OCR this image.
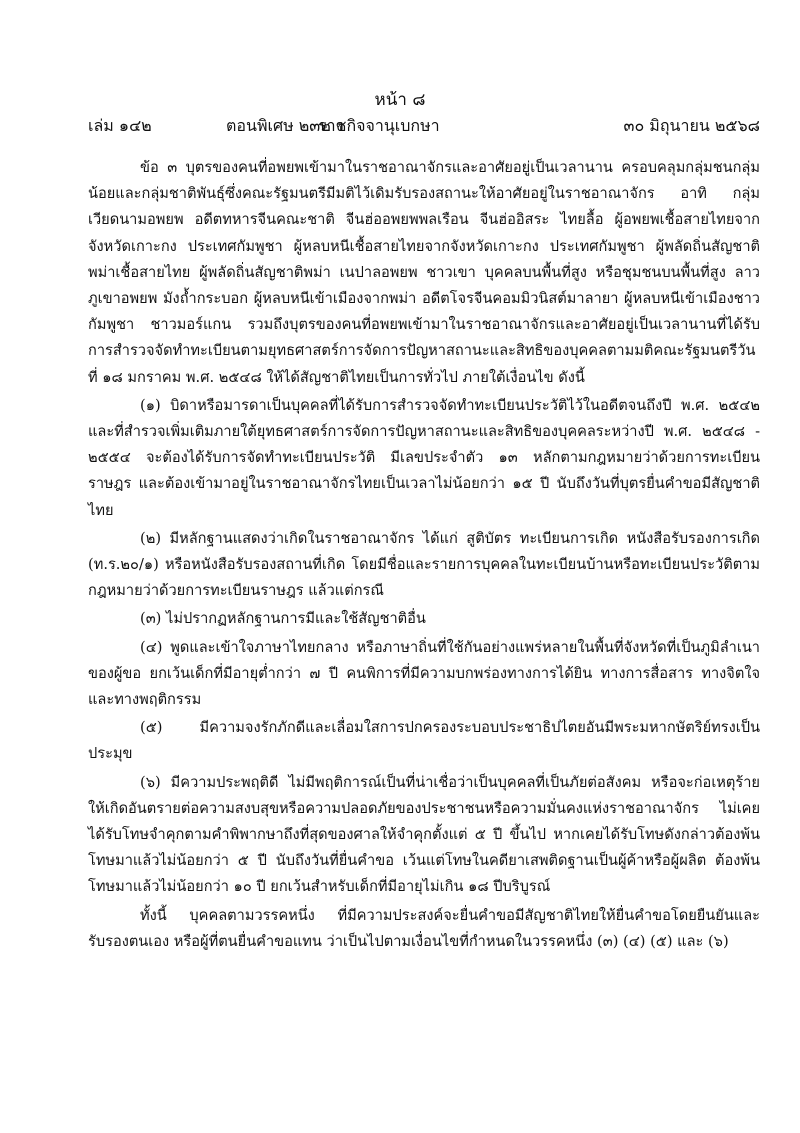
หน้า ๘
เล่ม ๑๔๒	ตอนพิเศษ ๒๓๒ ง
ราชกิจจานุเบกษา	๓๐ มิถุนายน ๒๕๖๘

ข้อ ๓ บุตรของคนที่อพยพเข้ามาในราชอาณาจักรและอาศัยอยู่เป็นเวลานาน ครอบคลุมกลุ่มชนกลุ่มน้อยและกลุ่มชาติพันธุ์ซึ่งคณะรัฐมนตรีมีมติไว้เดิมรับรองสถานะให้อาศัยอยู่ในราชอาณาจักร อาทิ กลุ่มเวียดนามอพยพ อดีตทหารจีนคณะชาติ จีนฮ่ออพยพพลเรือน จีนฮ่ออิสระ ไทยลื้อ ผู้อพยพเชื้อสายไทยจากจังหวัดเกาะกง ประเทศกัมพูชา ผู้หลบหนีเชื้อสายไทยจากจังหวัดเกาะกง ประเทศกัมพูชา ผู้พลัดถิ่นสัญชาติพม่าเชื้อสายไทย ผู้พลัดถิ่นสัญชาติพม่า เนปาลอพยพ ชาวเขา บุคคลบนพื้นที่สูง หรือชุมชนบนพื้นที่สูง ลาวภูเขาอพยพ มังถ้ำกระบอก ผู้หลบหนีเข้าเมืองจากพม่า อดีตโจรจีนคอมมิวนิสต์มาลายา ผู้หลบหนีเข้าเมืองชาวกัมพูชา ชาวมอร์แกน รวมถึงบุตรของคนที่อพยพเข้ามาในราชอาณาจักรและอาศัยอยู่เป็นเวลานานที่ได้รับการสำรวจจัดทำทะเบียนตามยุทธศาสตร์การจัดการปัญหาสถานะและสิทธิของบุคคลตามมติคณะรัฐมนตรีวันที่ ๑๘ มกราคม พ.ศ. ๒๕๔๘ ให้ได้สัญชาติไทยเป็นการทั่วไป ภายใต้เงื่อนไข ดังนี้

(๑) บิดาหรือมารดาเป็นบุคคลที่ได้รับการสำรวจจัดทำทะเบียนประวัติไว้ในอดีตจนถึงปี พ.ศ. ๒๕๔๒ และที่สำรวจเพิ่มเติมภายใต้ยุทธศาสตร์การจัดการปัญหาสถานะและสิทธิของบุคคลระหว่างปี พ.ศ. ๒๕๔๘ - ๒๕๕๔ จะต้องได้รับการจัดทำทะเบียนประวัติ มีเลขประจำตัว ๑๓ หลักตามกฎหมายว่าด้วยการทะเบียนราษฎร และต้องเข้ามาอยู่ในราชอาณาจักรไทยเป็นเวลาไม่น้อยกว่า ๑๕ ปี นับถึงวันที่บุตรยื่นคำขอมีสัญชาติไทย

(๒) มีหลักฐานแสดงว่าเกิดในราชอาณาจักร ได้แก่ สูติบัตร ทะเบียนการเกิด หนังสือรับรองการเกิด (ท.ร.๒๐/๑) หรือหนังสือรับรองสถานที่เกิด โดยมีชื่อและรายการบุคคลในทะเบียนบ้านหรือทะเบียนประวัติตามกฎหมายว่าด้วยการทะเบียนราษฎร แล้วแต่กรณี

(๓) ไม่ปรากฏหลักฐานการมีและใช้สัญชาติอื่น

(๔) พูดและเข้าใจภาษาไทยกลาง หรือภาษาถิ่นที่ใช้กันอย่างแพร่หลายในพื้นที่จังหวัดที่เป็นภูมิลำเนาของผู้ขอ ยกเว้นเด็กที่มีอายุต่ำกว่า ๗ ปี คนพิการที่มีความบกพร่องทางการได้ยิน ทางการสื่อสาร ทางจิตใจ และทางพฤติกรรม

(๕) มีความจงรักภักดีและเลื่อมใสการปกครองระบอบประชาธิปไตยอันมีพระมหากษัตริย์ทรงเป็นประมุข

(๖) มีความประพฤติดี ไม่มีพฤติการณ์เป็นที่น่าเชื่อว่าเป็นบุคคลที่เป็นภัยต่อสังคม หรือจะก่อเหตุร้ายให้เกิดอันตรายต่อความสงบสุขหรือความปลอดภัยของประชาชนหรือความมั่นคงแห่งราชอาณาจักร ไม่เคยได้รับโทษจำคุกตามคำพิพากษาถึงที่สุดของศาลให้จำคุกตั้งแต่ ๕ ปี ขึ้นไป หากเคยได้รับโทษดังกล่าวต้องพ้นโทษมาแล้วไม่น้อยกว่า ๕ ปี นับถึงวันที่ยื่นคำขอ เว้นแต่โทษในคดียาเสพติดฐานเป็นผู้ค้าหรือผู้ผลิต ต้องพ้นโทษมาแล้วไม่น้อยกว่า ๑๐ ปี ยกเว้นสำหรับเด็กที่มีอายุไม่เกิน ๑๘ ปีบริบูรณ์

ทั้งนี้ บุคคลตามวรรคหนึ่ง ที่มีความประสงค์จะยื่นคำขอมีสัญชาติไทยให้ยื่นคำขอโดยยืนยันและรับรองตนเอง หรือผู้ที่ตนยื่นคำขอแทน ว่าเป็นไปตามเงื่อนไขที่กำหนดในวรรคหนึ่ง (๓) (๔) (๕) และ (๖)
